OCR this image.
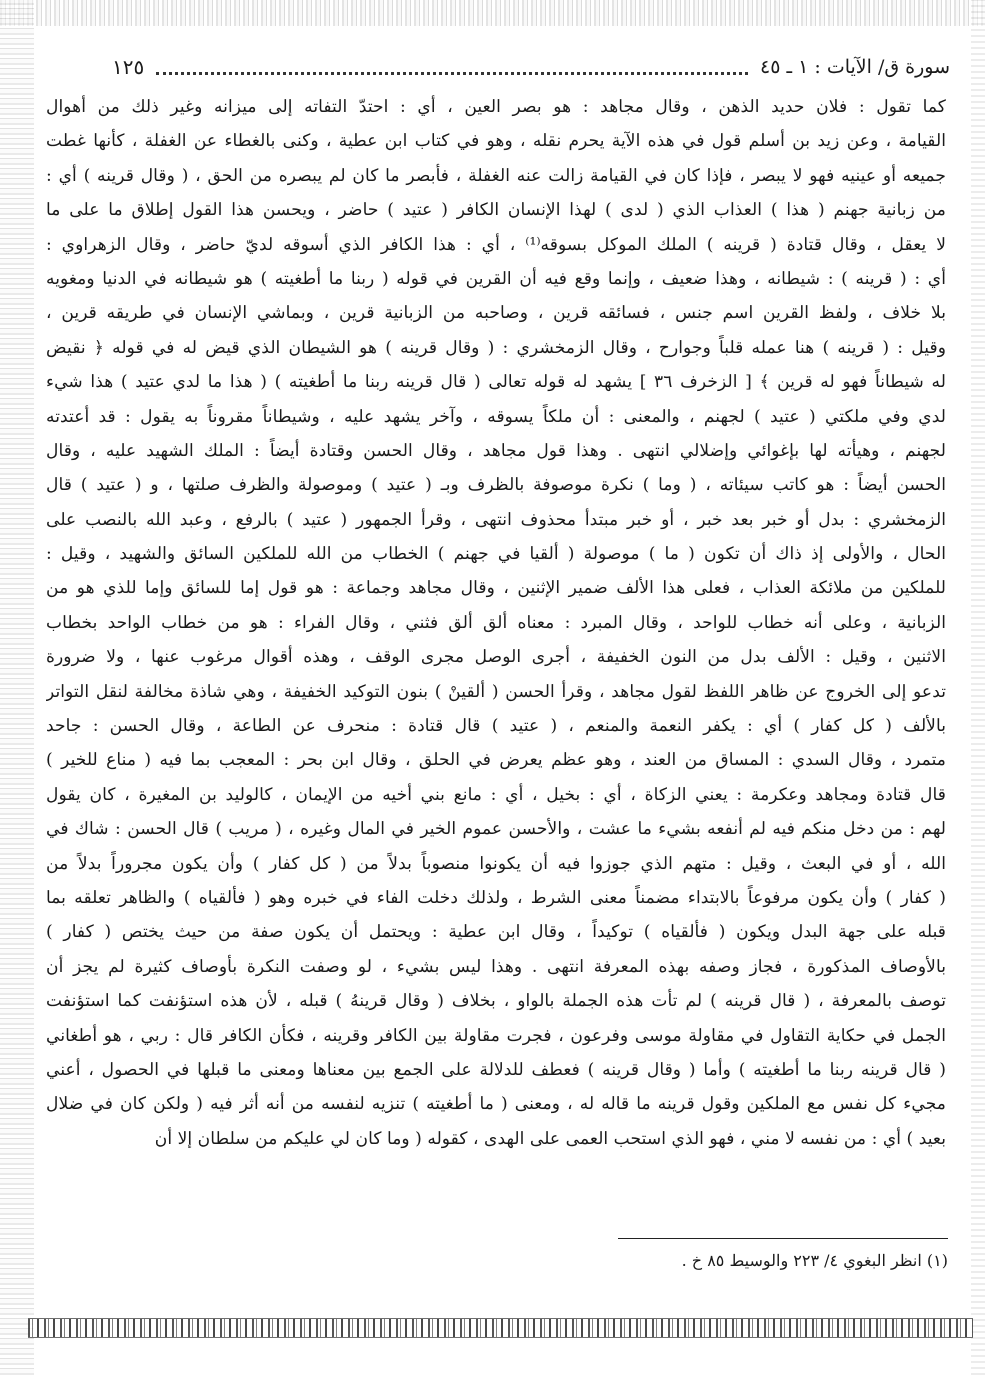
سورة ق/ الآيات : ١ ـ ٤٥
١٢٥
كما تقول : فلان حديد الذهن ، وقال مجاهد : هو بصر العين ، أي : احتدّ التفاته إلى ميزانه وغير ذلك من أهوال
القيامة ، وعن زيد بن أسلم قول في هذه الآية يحرم نقله ، وهو في كتاب ابن عطية ، وكنى بالغطاء عن الغفلة ، كأنها غطت
جميعه أو عينيه فهو لا يبصر ، فإذا كان في القيامة زالت عنه الغفلة ، فأبصر ما كان لم يبصره من الحق ، ( وقال قرينه ) أي :
من زبانية جهنم ( هذا ) العذاب الذي ( لدى ) لهذا الإنسان الكافر ( عتيد ) حاضر ، ويحسن هذا القول إطلاق ما على ما
لا يعقل ، وقال قتادة ( قرينه ) الملك الموكل بسوقه⁽¹⁾ ، أي : هذا الكافر الذي أسوقه لديّ حاضر ، وقال الزهراوي :
أي : ( قرينه ) : شيطانه ، وهذا ضعيف ، وإنما وقع فيه أن القرين في قوله ( ربنا ما أطغيته ) هو شيطانه في الدنيا ومغويه
بلا خلاف ، ولفظ القرين اسم جنس ، فسائقه قرين ، وصاحبه من الزبانية قرين ، وبماشي الإنسان في طريقه قرين ،
وقيل : ( قرينه ) هنا عمله قلباً وجوارح ، وقال الزمخشري : ( وقال قرينه ) هو الشيطان الذي قيض له في قوله ﴿ نقيض
له شيطاناً فهو له قرين ﴾ [ الزخرف ٣٦ ] يشهد له قوله تعالى ( قال قرينه ربنا ما أطغيته ) ( هذا ما لدي عتيد ) هذا شيء
لدي وفي ملكتي ( عتيد ) لجهنم ، والمعنى : أن ملكاً يسوقه ، وآخر يشهد عليه ، وشيطاناً مقروناً به يقول : قد أعتدته
لجهنم ، وهيأته لها بإغوائي وإضلالي انتهى . وهذا قول مجاهد ، وقال الحسن وقتادة أيضاً : الملك الشهيد عليه ، وقال
الحسن أيضاً : هو كاتب سيئاته ، ( وما ) نكرة موصوفة بالظرف وبـ ( عتيد ) وموصولة والظرف صلتها ، و ( عتيد ) قال
الزمخشري : بدل أو خبر بعد خبر ، أو خبر مبتدأ محذوف انتهى ، وقرأ الجمهور ( عتيد ) بالرفع ، وعبد الله بالنصب على
الحال ، والأولى إذ ذاك أن تكون ( ما ) موصولة ( ألقيا في جهنم ) الخطاب من الله للملكين السائق والشهيد ، وقيل :
للملكين من ملائكة العذاب ، فعلى هذا الألف ضمير الإثنين ، وقال مجاهد وجماعة : هو قول إما للسائق وإما للذي هو من
الزبانية ، وعلى أنه خطاب للواحد ، وقال المبرد : معناه ألق ألق فثني ، وقال الفراء : هو من خطاب الواحد بخطاب
الاثنين ، وقيل : الألف بدل من النون الخفيفة ، أجرى الوصل مجرى الوقف ، وهذه أقوال مرغوب عنها ، ولا ضرورة
تدعو إلى الخروج عن ظاهر اللفظ لقول مجاهد ، وقرأ الحسن ( ألقينْ ) بنون التوكيد الخفيفة ، وهي شاذة مخالفة لنقل التواتر
بالألف ( كل كفار ) أي : يكفر النعمة والمنعم ، ( عتيد ) قال قتادة : منحرف عن الطاعة ، وقال الحسن : جاحد
متمرد ، وقال السدي : المساق من العند ، وهو عظم يعرض في الحلق ، وقال ابن بحر : المعجب بما فيه ( مناع للخير )
قال قتادة ومجاهد وعكرمة : يعني الزكاة ، أي : بخيل ، أي : مانع بني أخيه من الإيمان ، كالوليد بن المغيرة ، كان يقول
لهم : من دخل منكم فيه لم أنفعه بشيء ما عشت ، والأحسن عموم الخير في المال وغيره ، ( مريب ) قال الحسن : شاك في
الله ، أو في البعث ، وقيل : متهم الذي جوزوا فيه أن يكونوا منصوباً بدلاً من ( كل كفار ) وأن يكون مجروراً بدلاً من
( كفار ) وأن يكون مرفوعاً بالابتداء مضمناً معنى الشرط ، ولذلك دخلت الفاء في خبره وهو ( فألقياه ) والظاهر تعلقه بما
قبله على جهة البدل ويكون ( فألقياه ) توكيداً ، وقال ابن عطية : ويحتمل أن يكون صفة من حيث يختص ( كفار )
بالأوصاف المذكورة ، فجاز وصفه بهذه المعرفة انتهى . وهذا ليس بشيء ، لو وصفت النكرة بأوصاف كثيرة لم يجز أن
توصف بالمعرفة ، ( قال قرينه ) لم تأت هذه الجملة بالواو ، بخلاف ( وقال قرينهُ ) قبله ، لأن هذه استؤنفت كما استؤنفت
الجمل في حكاية التقاول في مقاولة موسى وفرعون ، فجرت مقاولة بين الكافر وقرينه ، فكأن الكافر قال : ربي ، هو أطغاني
( قال قرينه ربنا ما أطغيته ) وأما ( وقال قرينه ) فعطف للدلالة على الجمع بين معناها ومعنى ما قبلها في الحصول ، أعني
مجيء كل نفس مع الملكين وقول قرينه ما قاله له ، ومعنى ( ما أطغيته ) تنزيه لنفسه من أنه أثر فيه ( ولكن كان في ضلال
بعيد ) أي : من نفسه لا مني ، فهو الذي استحب العمى على الهدى ، كقوله ( وما كان لي عليكم من سلطان إلا أن
(١) انظر البغوي ٤/ ٢٢٣ والوسيط ٨٥ خ .
